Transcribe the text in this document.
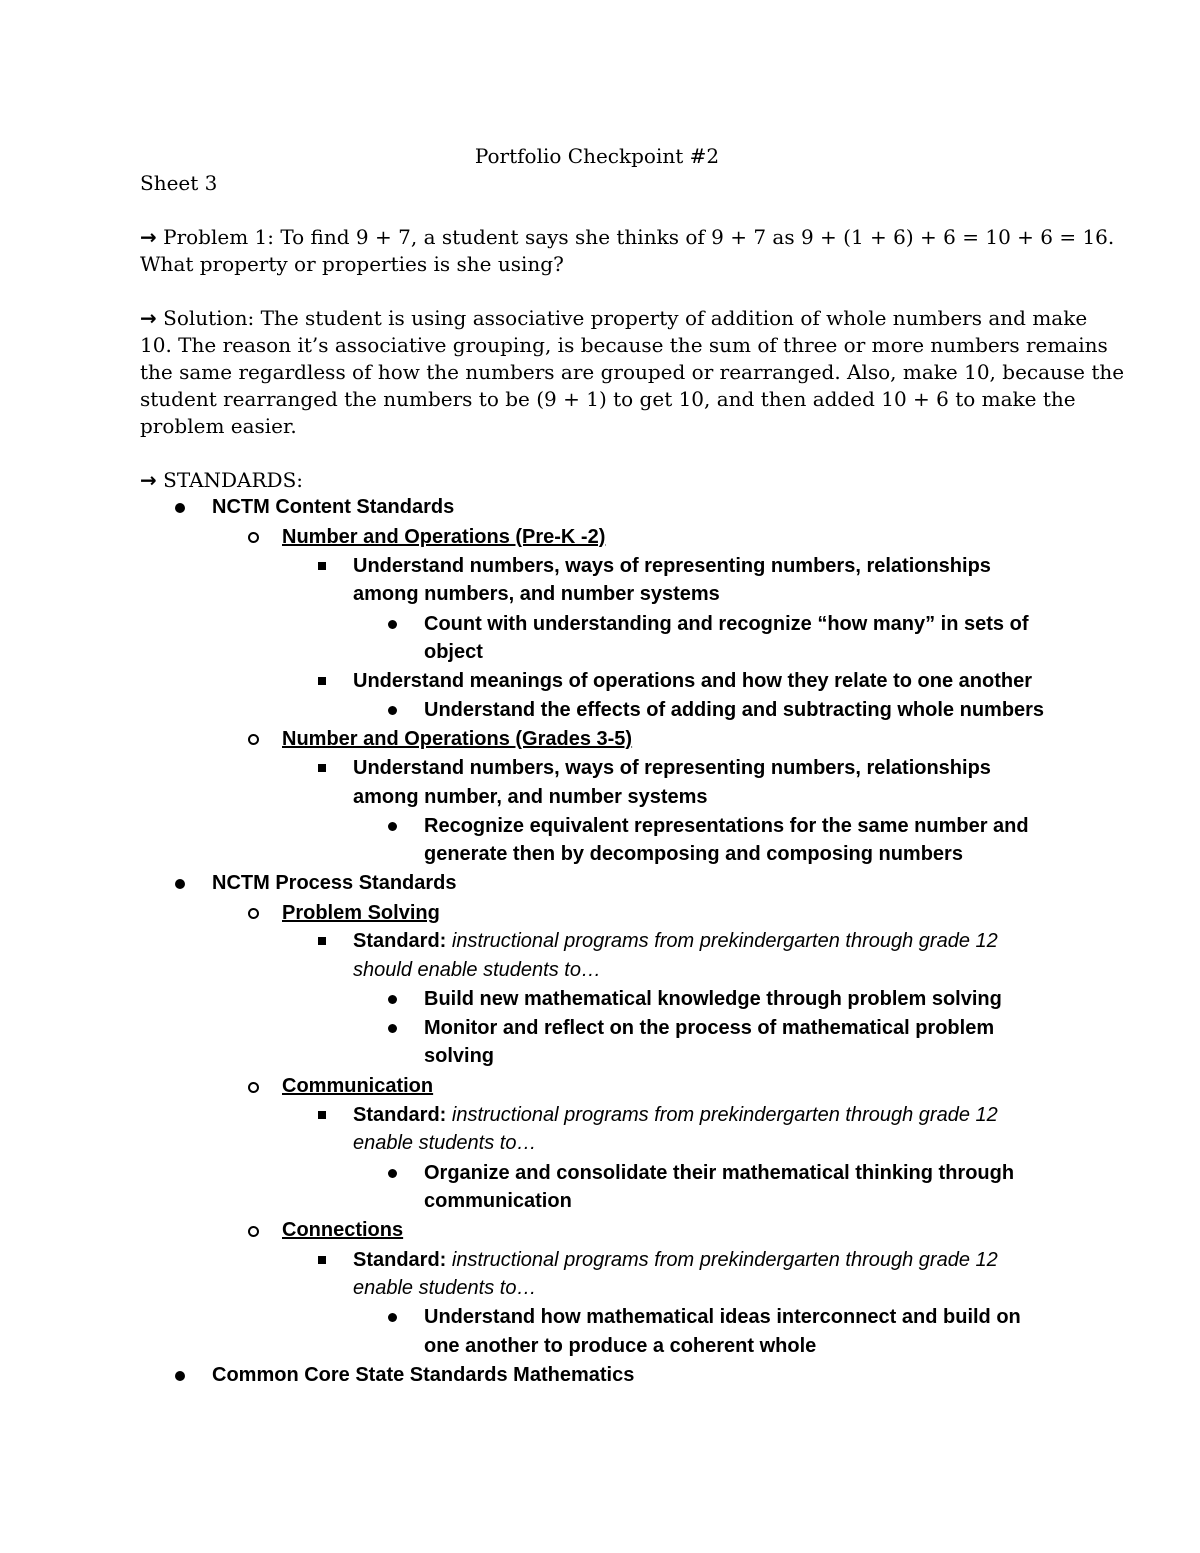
Portfolio Checkpoint #2
Sheet 3
→ Problem 1: To find 9 + 7, a student says she thinks of 9 + 7 as 9 + (1 + 6) + 6 = 10 + 6 = 16.
What property or properties is she using?
→ Solution: The student is using associative property of addition of whole numbers and make
10. The reason it’s associative grouping, is because the sum of three or more numbers remains
the same regardless of how the numbers are grouped or rearranged. Also, make 10, because the
student rearranged the numbers to be (9 + 1) to get 10, and then added 10 + 6 to make the
problem easier.
→ STANDARDS:
NCTM Content Standards
Number and Operations (Pre-K -2)
Understand numbers, ways of representing numbers, relationships
among numbers, and number systems
Count with understanding and recognize “how many” in sets of
object
Understand meanings of operations and how they relate to one another
Understand the effects of adding and subtracting whole numbers
Number and Operations (Grades 3-5)
Understand numbers, ways of representing numbers, relationships
among number, and number systems
Recognize equivalent representations for the same number and
generate then by decomposing and composing numbers
NCTM Process Standards
Problem Solving
Standard: instructional programs from prekindergarten through grade 12
should enable students to…
Build new mathematical knowledge through problem solving
Monitor and reflect on the process of mathematical problem
solving
Communication
Standard: instructional programs from prekindergarten through grade 12
enable students to…
Organize and consolidate their mathematical thinking through
communication
Connections
Standard: instructional programs from prekindergarten through grade 12
enable students to…
Understand how mathematical ideas interconnect and build on
one another to produce a coherent whole
Common Core State Standards Mathematics
